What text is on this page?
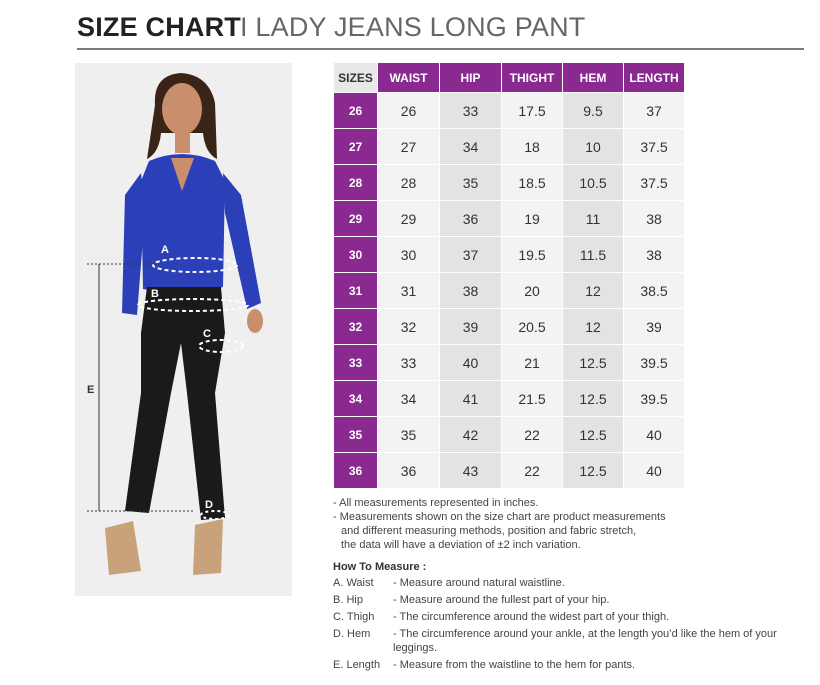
SIZE CHART I LADY JEANS LONG PANT
A
B
C
D
E
SIZES	WAIST	HIP	THIGHT	HEM	LENGTH
26	26	33	17.5	9.5	37
27	27	34	18	10	37.5
28	28	35	18.5	10.5	37.5
29	29	36	19	11	38
30	30	37	19.5	11.5	38
31	31	38	20	12	38.5
32	32	39	20.5	12	39
33	33	40	21	12.5	39.5
34	34	41	21.5	12.5	39.5
35	35	42	22	12.5	40
36	36	43	22	12.5	40

- All measurements represented in inches.

- Measurements shown on the size chart are product measurements

and different measuring methods, position and fabric stretch,

the data will have a deviation of ±2 inch variation.

How To Measure :
A. Waist	- Measure around natural waistline.
B. Hip	- Measure around the fullest part of your hip.
C. Thigh	- The circumference around the widest part of your thigh.
D. Hem	- The circumference around your ankle, at the length you’d like the hem of your leggings.
E. Length	- Measure from the waistline to the hem for pants.
